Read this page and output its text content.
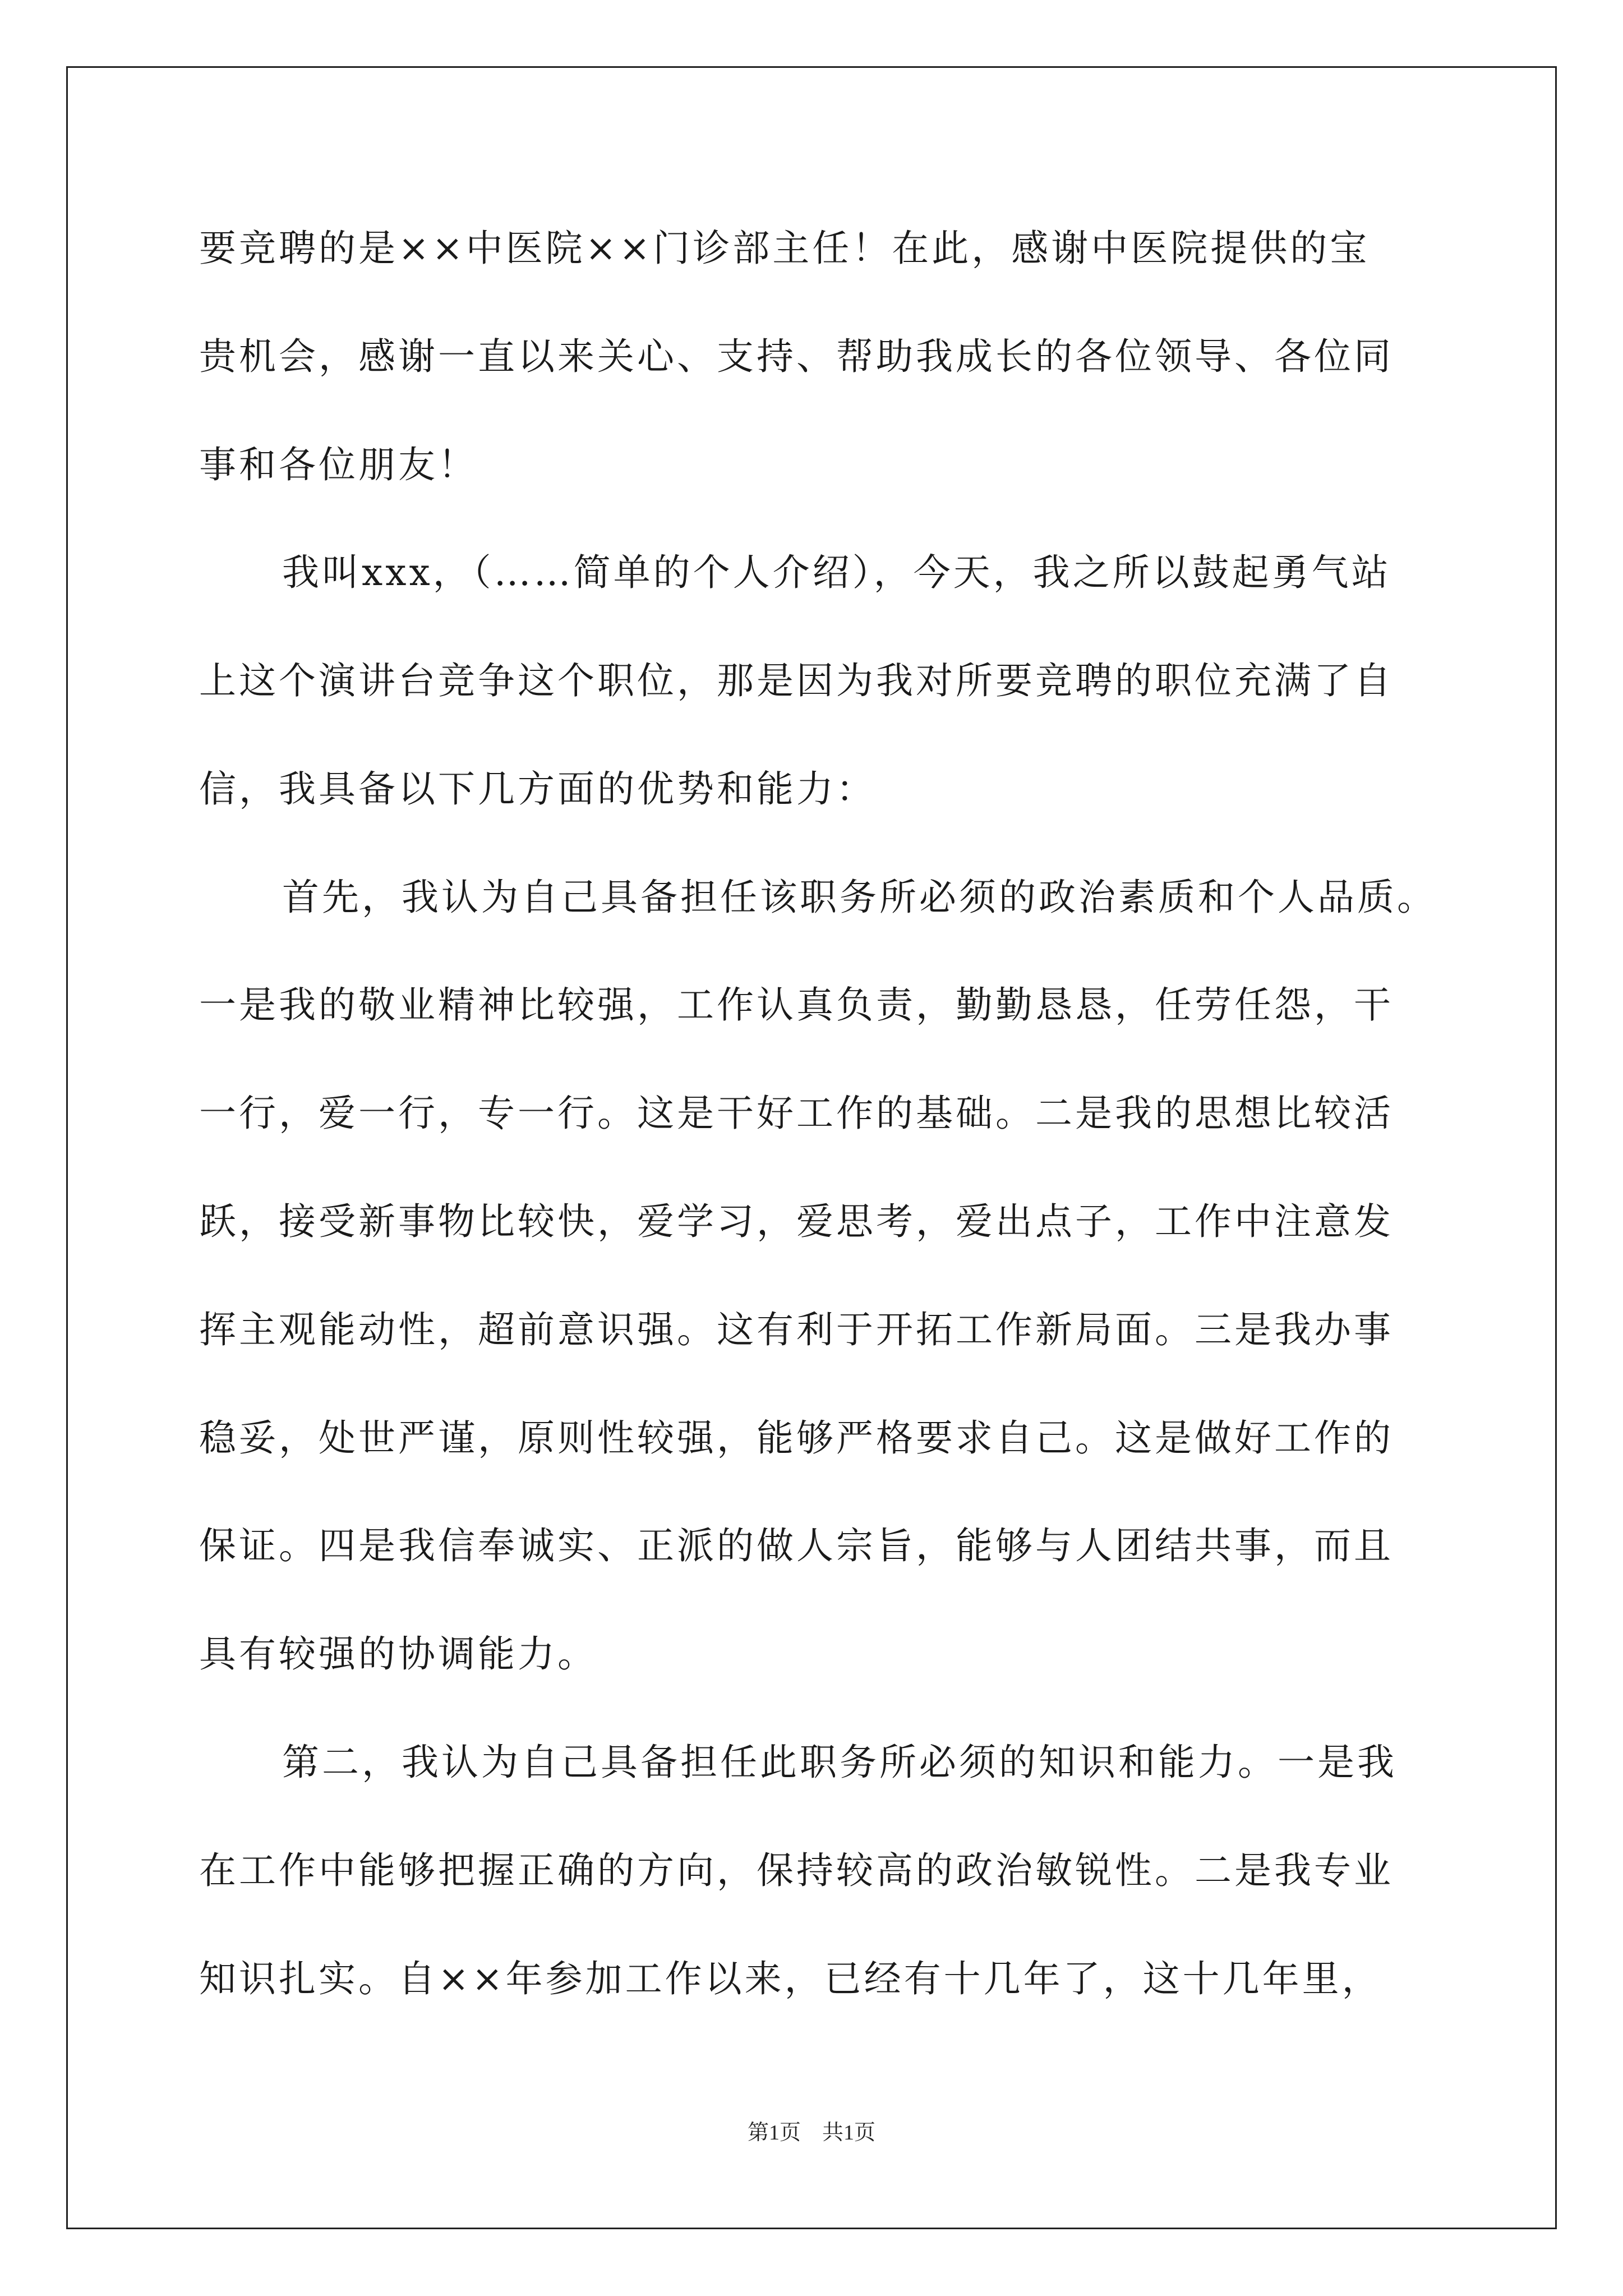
要竞聘的是××中医院××门诊部主任！在此，感谢中医院提供的宝
贵机会，感谢一直以来关心、支持、帮助我成长的各位领导、各位同
事和各位朋友！
我叫xxx，（……简单的个人介绍），今天，我之所以鼓起勇气站
上这个演讲台竞争这个职位，那是因为我对所要竞聘的职位充满了自
信，我具备以下几方面的优势和能力：
首先，我认为自己具备担任该职务所必须的政治素质和个人品质。
一是我的敬业精神比较强，工作认真负责，勤勤恳恳，任劳任怨，干
一行，爱一行，专一行。这是干好工作的基础。二是我的思想比较活
跃，接受新事物比较快，爱学习，爱思考，爱出点子，工作中注意发
挥主观能动性，超前意识强。这有利于开拓工作新局面。三是我办事
稳妥，处世严谨，原则性较强，能够严格要求自己。这是做好工作的
保证。四是我信奉诚实、正派的做人宗旨，能够与人团结共事，而且
具有较强的协调能力。
第二，我认为自己具备担任此职务所必须的知识和能力。一是我
在工作中能够把握正确的方向，保持较高的政治敏锐性。二是我专业
知识扎实。自××年参加工作以来，已经有十几年了，这十几年里，
第1页　共1页
